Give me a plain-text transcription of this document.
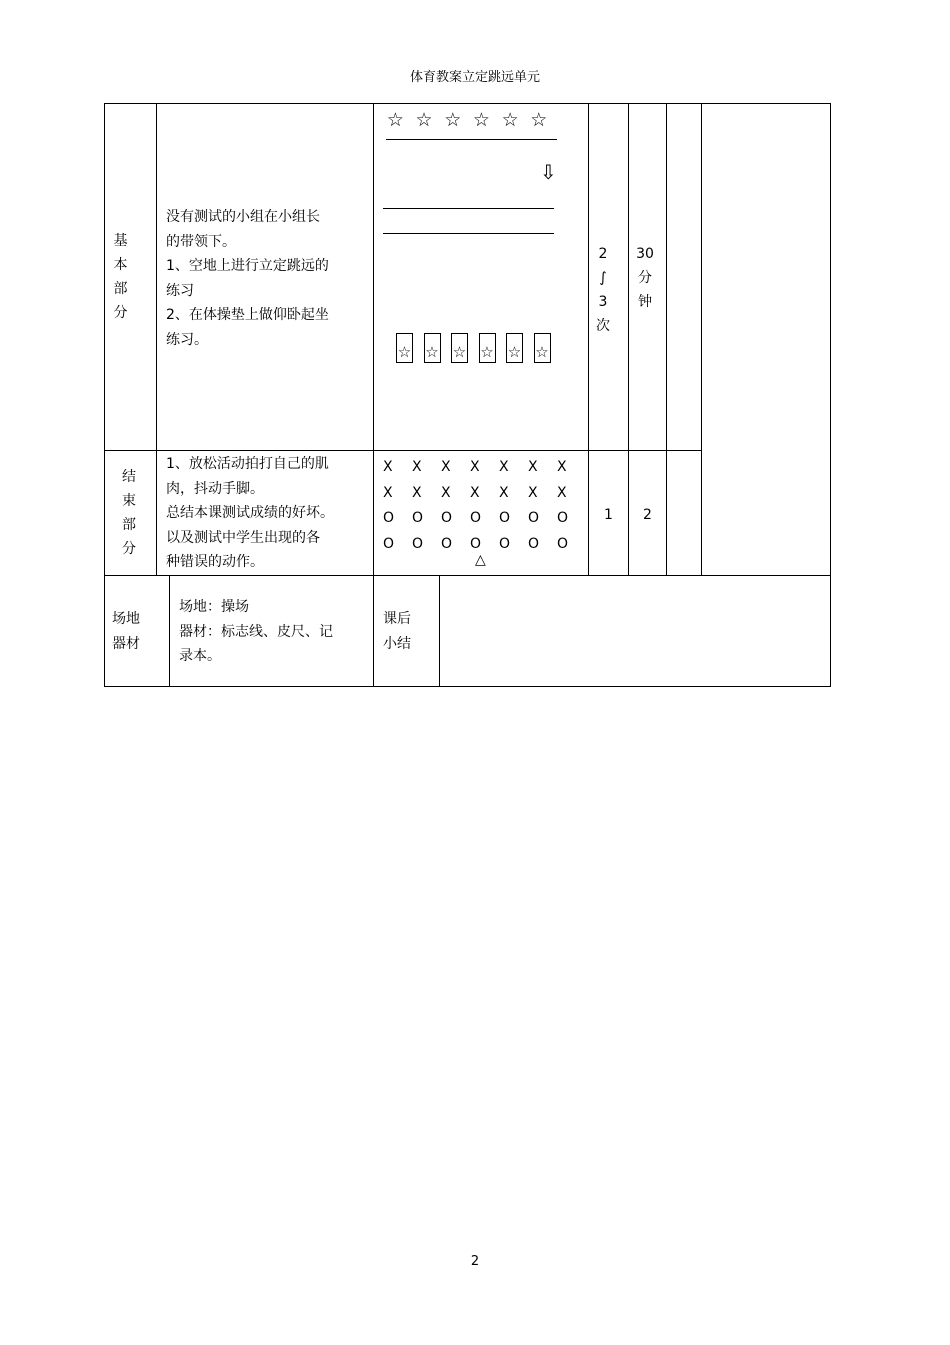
体育教案立定跳远单元
基
本
部
分
没有测试的小组在小组长
的带领下。
1、空地上进行立定跳远的
练习
2、在体操垫上做仰卧起坐
练习。
☆ ☆ ☆ ☆ ☆ ☆
⇩
☆ ☆ ☆ ☆ ☆ ☆
2
∫
3
次
30
分
钟
结
束
部
分
1、放松活动拍打自己的肌
肉，抖动手脚。
总结本课测试成绩的好坏。
以及测试中学生出现的各
种错误的动作。
X X X X X X X
X X X X X X X
O O O O O O O
O O O O O O O
△
1	2
场地
器材
场地：操场
器材：标志线、皮尺、记
录本。
课后
小结
2
